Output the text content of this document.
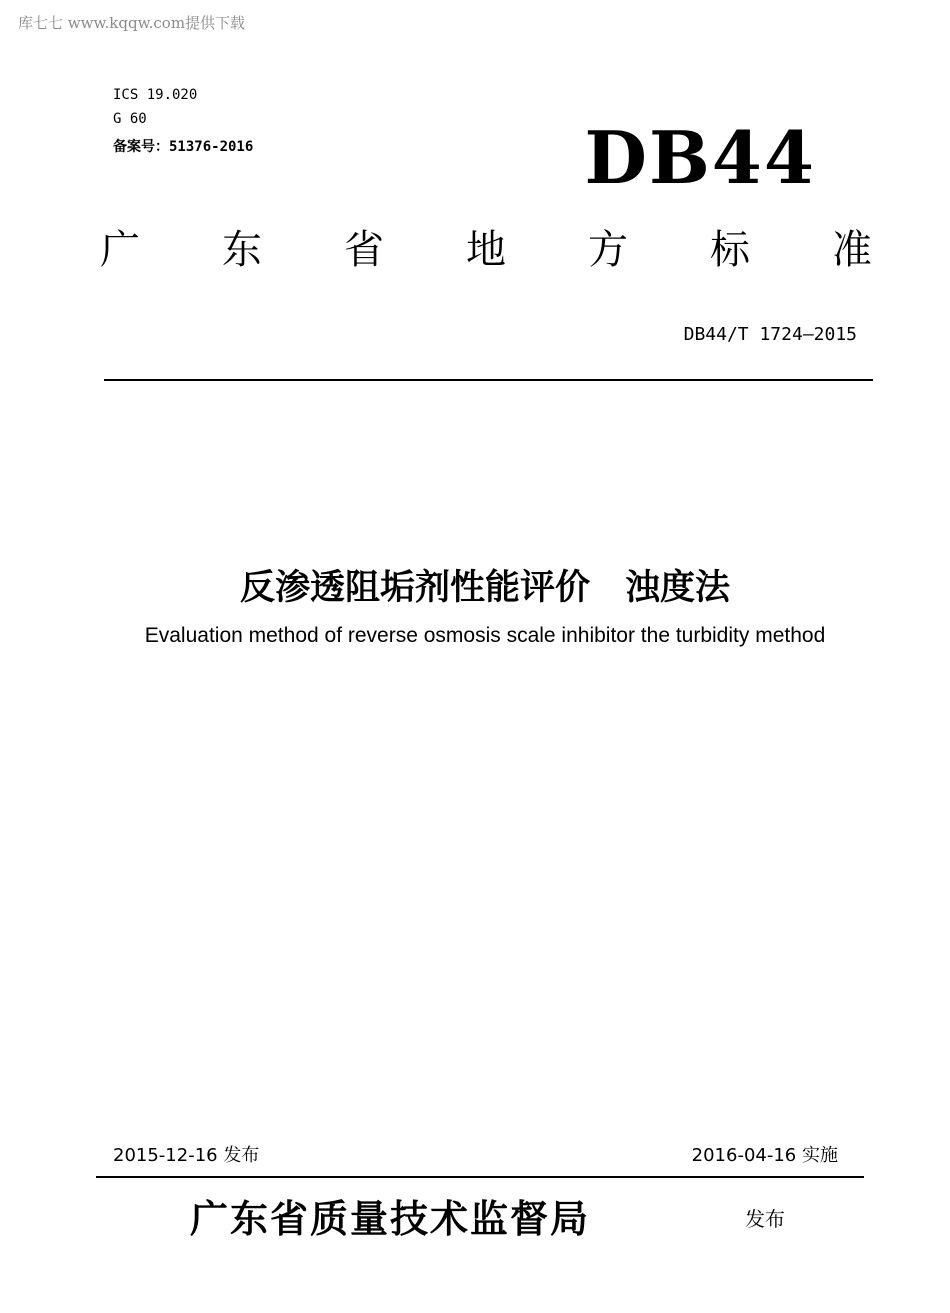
库七七 www.kqqw.com提供下载
ICS 19.020
G 60
备案号：51376-2016	DB44
广 东 省 地 方 标 准
DB44/T 1724—2015
反渗透阻垢剂性能评价　浊度法
Evaluation method of reverse osmosis scale inhibitor the turbidity method
2015-12-16 发布	2016-04-16 实施
广东省质量技术监督局	发布
